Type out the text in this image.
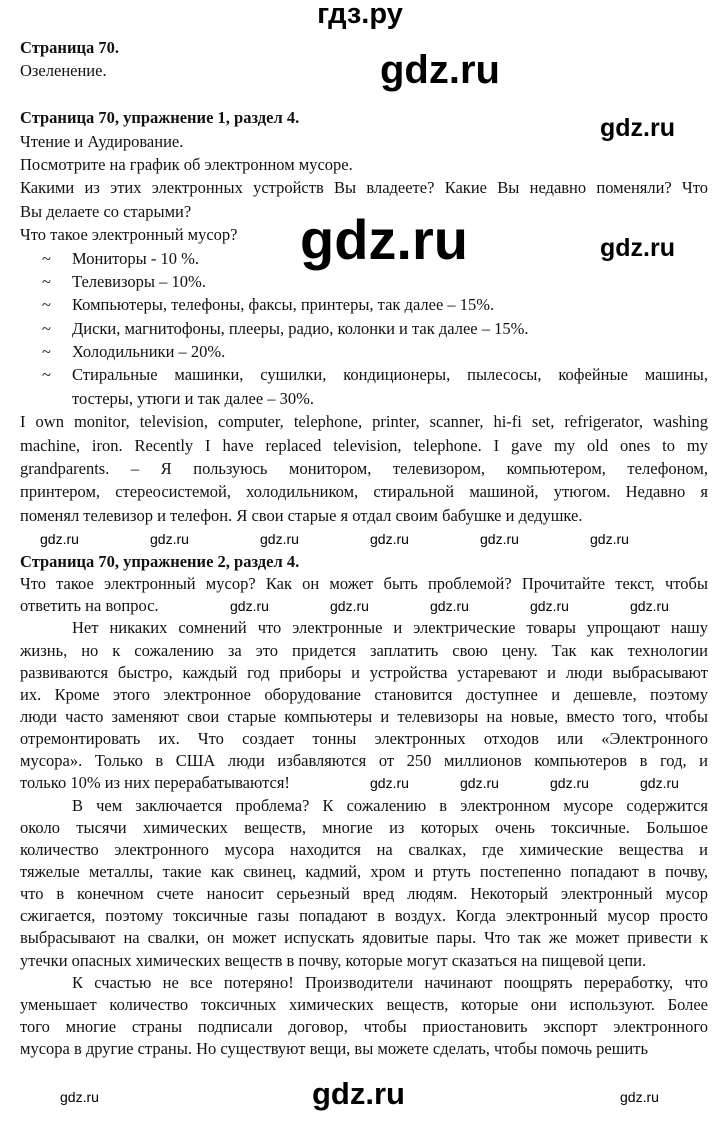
гдз.ру
Страница 70.
Озеленение.
Страница 70, упражнение 1, раздел 4.
Чтение и Аудирование.
Посмотрите на график об электронном мусоре.
Какими из этих электронных устройств Вы владеете? Какие Вы недавно поменяли? Что
Вы делаете со старыми?
Что такое электронный мусор?
~ Мониторы - 10 %.
~ Телевизоры – 10%.
~ Компьютеры, телефоны, факсы, принтеры, так далее – 15%.
~ Диски, магнитофоны, плееры, радио, колонки и так далее – 15%.
~ Холодильники – 20%.
~ Стиральные машинки, сушилки, кондиционеры, пылесосы, кофейные машины,
тостеры, утюги и так далее – 30%.
I own monitor, television, computer, telephone, printer, scanner, hi-fi set, refrigerator, washing
machine, iron. Recently I have replaced television, telephone. I gave my old ones to my
grandparents. – Я пользуюсь монитором, телевизором, компьютером, телефоном,
принтером, стереосистемой, холодильником, стиральной машиной, утюгом. Недавно я
поменял телевизор и телефон. Я свои старые я отдал своим бабушке и дедушке.
Страница 70, упражнение 2, раздел 4.
Что такое электронный мусор? Как он может быть проблемой? Прочитайте текст, чтобы
ответить на вопрос.
Нет никаких сомнений что электронные и электрические товары упрощают нашу
жизнь, но к сожалению за это придется заплатить свою цену. Так как технологии
развиваются быстро, каждый год приборы и устройства устаревают и люди выбрасывают
их. Кроме этого электронное оборудование становится доступнее и дешевле, поэтому
люди часто заменяют свои старые компьютеры и телевизоры на новые, вместо того, чтобы
отремонтировать их. Что создает тонны электронных отходов или «Электронного
мусора». Только в США люди избавляются от 250 миллионов компьютеров в год, и
только 10% из них перерабатываются!
В чем заключается проблема? К сожалению в электронном мусоре содержится
около тысячи химических веществ, многие из которых очень токсичные. Большое
количество электронного мусора находится на свалках, где химические вещества и
тяжелые металлы, такие как свинец, кадмий, хром и ртуть постепенно попадают в почву,
что в конечном счете наносит серьезный вред людям. Некоторый электронный мусор
сжигается, поэтому токсичные газы попадают в воздух. Когда электронный мусор просто
выбрасывают на свалки, он может испускать ядовитые пары. Что так же может привести к
утечки опасных химических веществ в почву, которые могут сказаться на пищевой цепи.
К счастью не все потеряно! Производители начинают поощрять переработку, что
уменьшает количество токсичных химических веществ, которые они используют. Более
того многие страны подписали договор, чтобы приостановить экспорт электронного
мусора в другие страны. Но существуют вещи, вы можете сделать, чтобы помочь решить
gdz.ru
gdz.ru
gdz.ru
gdz.ru
gdz.ru
gdz.ru	gdz.ru	gdz.ru	gdz.ru	gdz.ru	gdz.ru
gdz.ru	gdz.ru	gdz.ru	gdz.ru	gdz.ru
gdz.ru	gdz.ru	gdz.ru	gdz.ru
gdz.ru	gdz.ru
